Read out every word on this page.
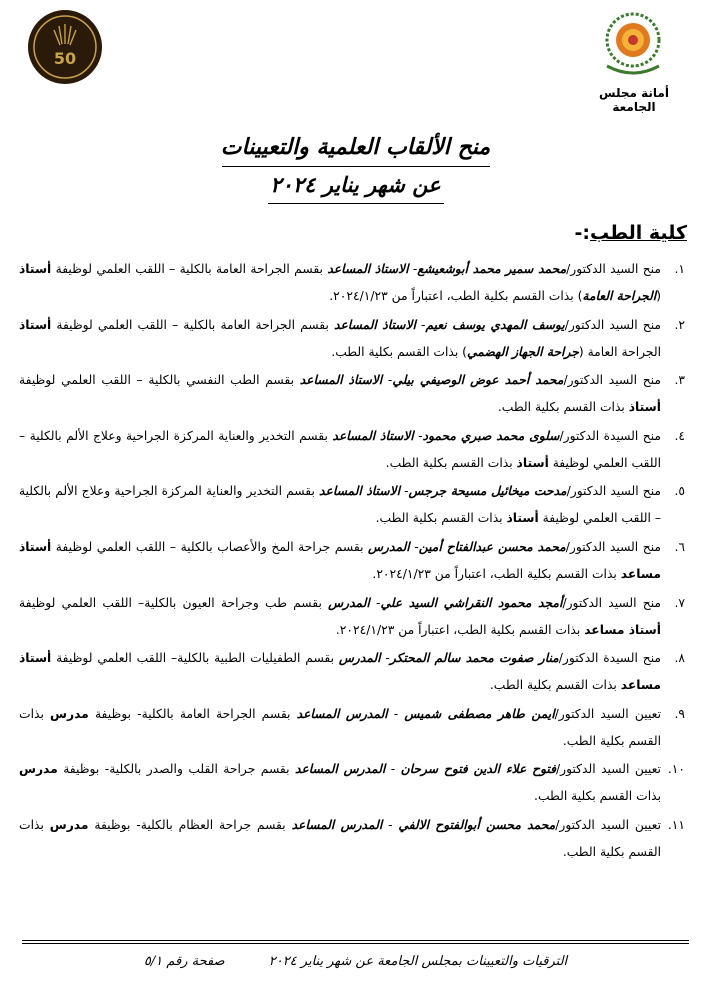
أمانة مجلس الجامعة
50
منح الألقاب العلمية والتعيينات
عن شهر يناير ٢٠٢٤
كلية الطب:-
١.
منح السيد الدكتور/محمد سمير محمد أبوشعيشع- الاستاذ المساعد بقسم الجراحة العامة بالكلية – اللقب العلمي لوظيفة أستاذ (الجراحة العامة) بذات القسم بكلية الطب، اعتباراً من ٢٠٢٤/١/٢٣.
٢.
منح السيد الدكتور/يوسف المهدي يوسف نعيم- الاستاذ المساعد بقسم الجراحة العامة بالكلية – اللقب العلمي لوظيفة أستاذ الجراحة العامة (جراحة الجهاز الهضمي) بذات القسم بكلية الطب.
٣.
منح السيد الدكتور/محمد أحمد عوض الوصيفي بيلي- الاستاذ المساعد بقسم الطب النفسي بالكلية – اللقب العلمي لوظيفة أستاذ بذات القسم بكلية الطب.
٤.
منح السيدة الدكتور/سلوى محمد صبري محمود- الاستاذ المساعد بقسم التخدير والعناية المركزة الجراحية وعلاج الألم بالكلية – اللقب العلمي لوظيفة أستاذ بذات القسم بكلية الطب.
٥.
منح السيد الدكتور/مدحت ميخائيل مسيحة جرجس- الاستاذ المساعد بقسم التخدير والعناية المركزة الجراحية وعلاج الألم بالكلية – اللقب العلمي لوظيفة أستاذ بذات القسم بكلية الطب.
٦.
منح السيد الدكتور/محمد محسن عبدالفتاح أمين- المدرس بقسم جراحة المخ والأعصاب بالكلية – اللقب العلمي لوظيفة أستاذ مساعد بذات القسم بكلية الطب، اعتباراً من ٢٠٢٤/١/٢٣.
٧.
منح السيد الدكتور/أمجد محمود النقراشي السيد علي- المدرس بقسم طب وجراحة العيون بالكلية– اللقب العلمي لوظيفة أستاذ مساعد بذات القسم بكلية الطب، اعتباراً من ٢٠٢٤/١/٢٣.
٨.
منح السيدة الدكتور/منار صفوت محمد سالم المحتكر- المدرس بقسم الطفيليات الطبية بالكلية– اللقب العلمي لوظيفة أستاذ مساعد بذات القسم بكلية الطب.
٩.
تعيين السيد الدكتور/ايمن طاهر مصطفى شميس - المدرس المساعد بقسم الجراحة العامة بالكلية- بوظيفة مدرس بذات القسم بكلية الطب.
١٠.
تعيين السيد الدكتور/فتوح علاء الدين فتوح سرحان - المدرس المساعد بقسم جراحة القلب والصدر بالكلية- بوظيفة مدرس بذات القسم بكلية الطب.
١١.
تعيين السيد الدكتور/محمد محسن أبوالفتوح الالفي - المدرس المساعد بقسم جراحة العظام بالكلية- بوظيفة مدرس بذات القسم بكلية الطب.
الترقيات والتعيينات بمجلس الجامعة عن شهر يناير ٢٠٢٤ صفحة رقم ٥/١
